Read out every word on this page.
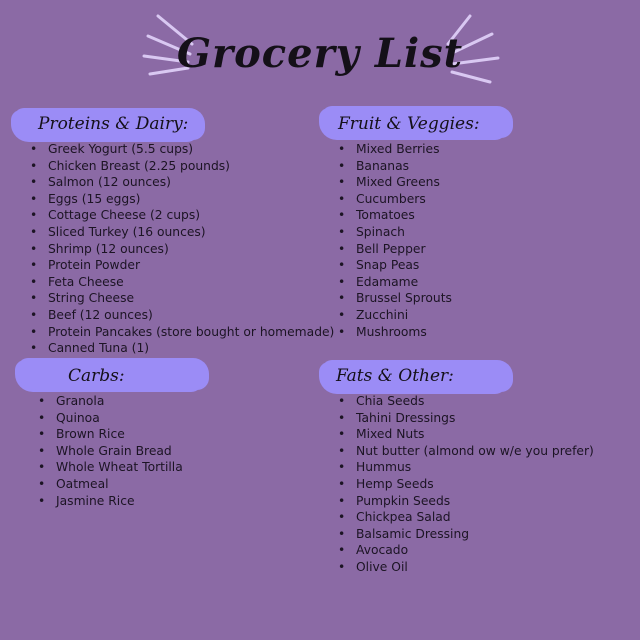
Grocery List
Proteins & Dairy:
• Greek Yogurt (5.5 cups)
• Chicken Breast (2.25 pounds)
• Salmon (12 ounces)
• Eggs (15 eggs)
• Cottage Cheese (2 cups)
• Sliced Turkey (16 ounces)
• Shrimp (12 ounces)
• Protein Powder
• Feta Cheese
• String Cheese
• Beef (12 ounces)
• Protein Pancakes (store bought or homemade)
• Canned Tuna (1)
Fruit & Veggies:
• Mixed Berries
• Bananas
• Mixed Greens
• Cucumbers
• Tomatoes
• Spinach
• Bell Pepper
• Snap Peas
• Edamame
• Brussel Sprouts
• Zucchini
• Mushrooms
Carbs:
• Granola
• Quinoa
• Brown Rice
• Whole Grain Bread
• Whole Wheat Tortilla
• Oatmeal
• Jasmine Rice
Fats & Other:
• Chia Seeds
• Tahini Dressings
• Mixed Nuts
• Nut butter (almond ow w/e you prefer)
• Hummus
• Hemp Seeds
• Pumpkin Seeds
• Chickpea Salad
• Balsamic Dressing
• Avocado
• Olive Oil
